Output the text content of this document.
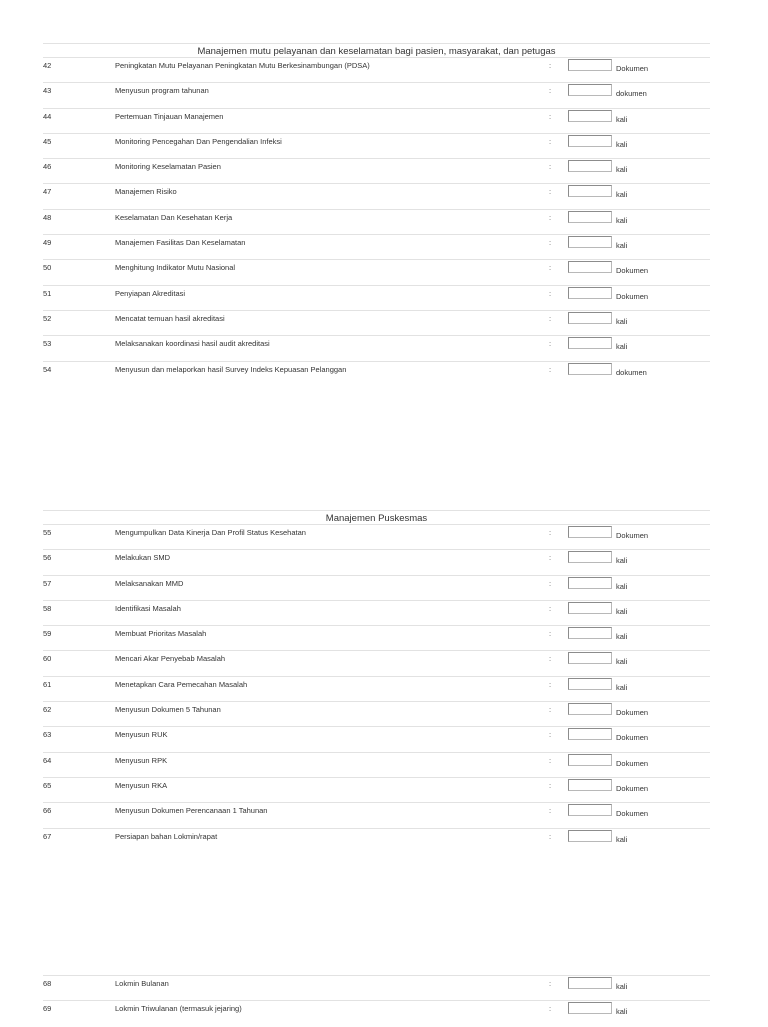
Manajemen mutu pelayanan dan keselamatan bagi pasien, masyarakat, dan petugas
42	Peningkatan Mutu Pelayanan Peningkatan Mutu Berkesinambungan (PDSA)	:	Dokumen
43	Menyusun program tahunan	:	dokumen
44	Pertemuan Tinjauan Manajemen	:	kali
45	Monitoring Pencegahan Dan Pengendalian Infeksi	:	kali
46	Monitoring Keselamatan Pasien	:	kali
47	Manajemen Risiko	:	kali
48	Keselamatan Dan Kesehatan Kerja	:	kali
49	Manajemen Fasilitas Dan Keselamatan	:	kali
50	Menghitung Indikator Mutu Nasional	:	Dokumen
51	Penyiapan Akreditasi	:	Dokumen
52	Mencatat temuan hasil akreditasi	:	kali
53	Melaksanakan koordinasi hasil audit akreditasi	:	kali
54	Menyusun dan melaporkan hasil Survey Indeks Kepuasan Pelanggan	:	dokumen
Manajemen Puskesmas
55	Mengumpulkan Data Kinerja Dan Profil Status Kesehatan	:	Dokumen
56	Melakukan SMD	:	kali
57	Melaksanakan MMD	:	kali
58	Identifikasi Masalah	:	kali
59	Membuat Prioritas Masalah	:	kali
60	Mencari Akar Penyebab Masalah	:	kali
61	Menetapkan Cara Pemecahan Masalah	:	kali
62	Menyusun Dokumen 5 Tahunan	:	Dokumen
63	Menyusun RUK	:	Dokumen
64	Menyusun RPK	:	Dokumen
65	Menyusun RKA	:	Dokumen
66	Menyusun Dokumen Perencanaan 1 Tahunan	:	Dokumen
67	Persiapan bahan Lokmin/rapat	:	kali
68	Lokmin Bulanan	:	kali
69	Lokmin Triwulanan (termasuk jejaring)	:	kali
